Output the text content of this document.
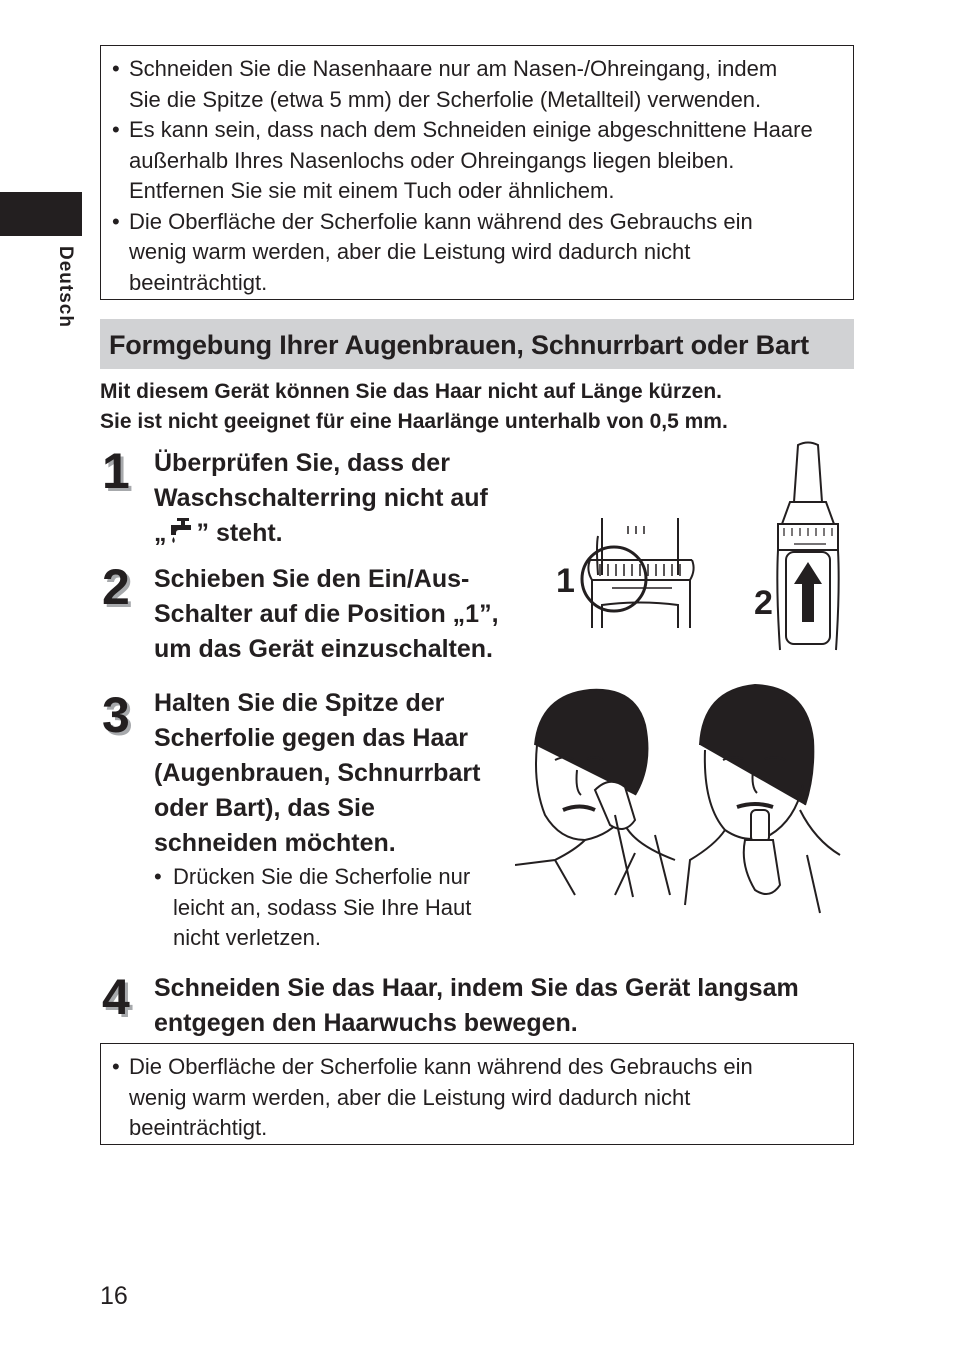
Deutsch
• Schneiden Sie die Nasenhaare nur am Nasen-/Ohreingang, indem
Sie die Spitze (etwa 5 mm) der Scherfolie (Metallteil) verwenden.
• Es kann sein, dass nach dem Schneiden einige abgeschnittene Haare
außerhalb Ihres Nasenlochs oder Ohreingangs liegen bleiben.
Entfernen Sie sie mit einem Tuch oder ähnlichem.
• Die Oberfläche der Scherfolie kann während des Gebrauchs ein
wenig warm werden, aber die Leistung wird dadurch nicht
beeinträchtigt.
Formgebung Ihrer Augenbrauen, Schnurrbart oder Bart

Mit diesem Gerät können Sie das Haar nicht auf Länge kürzen.

Sie ist nicht geeignet für eine Haarlänge unterhalb von 0,5 mm.

1 Überprüfen Sie, dass der

Waschschalterring nicht auf

„ ” steht.

2 Schieben Sie den Ein/Aus-

Schalter auf die Position „1”,

um das Gerät einzuschalten.

1
2
3 Halten Sie die Spitze der

Scherfolie gegen das Haar

(Augenbrauen, Schnurrbart

oder Bart), das Sie

schneiden möchten.

• Drücken Sie die Scherfolie nur
leicht an, sodass Sie Ihre Haut
nicht verletzen.
4 Schneiden Sie das Haar, indem Sie das Gerät langsam

entgegen den Haarwuchs bewegen.

• Die Oberfläche der Scherfolie kann während des Gebrauchs ein
wenig warm werden, aber die Leistung wird dadurch nicht
beeinträchtigt.
16
